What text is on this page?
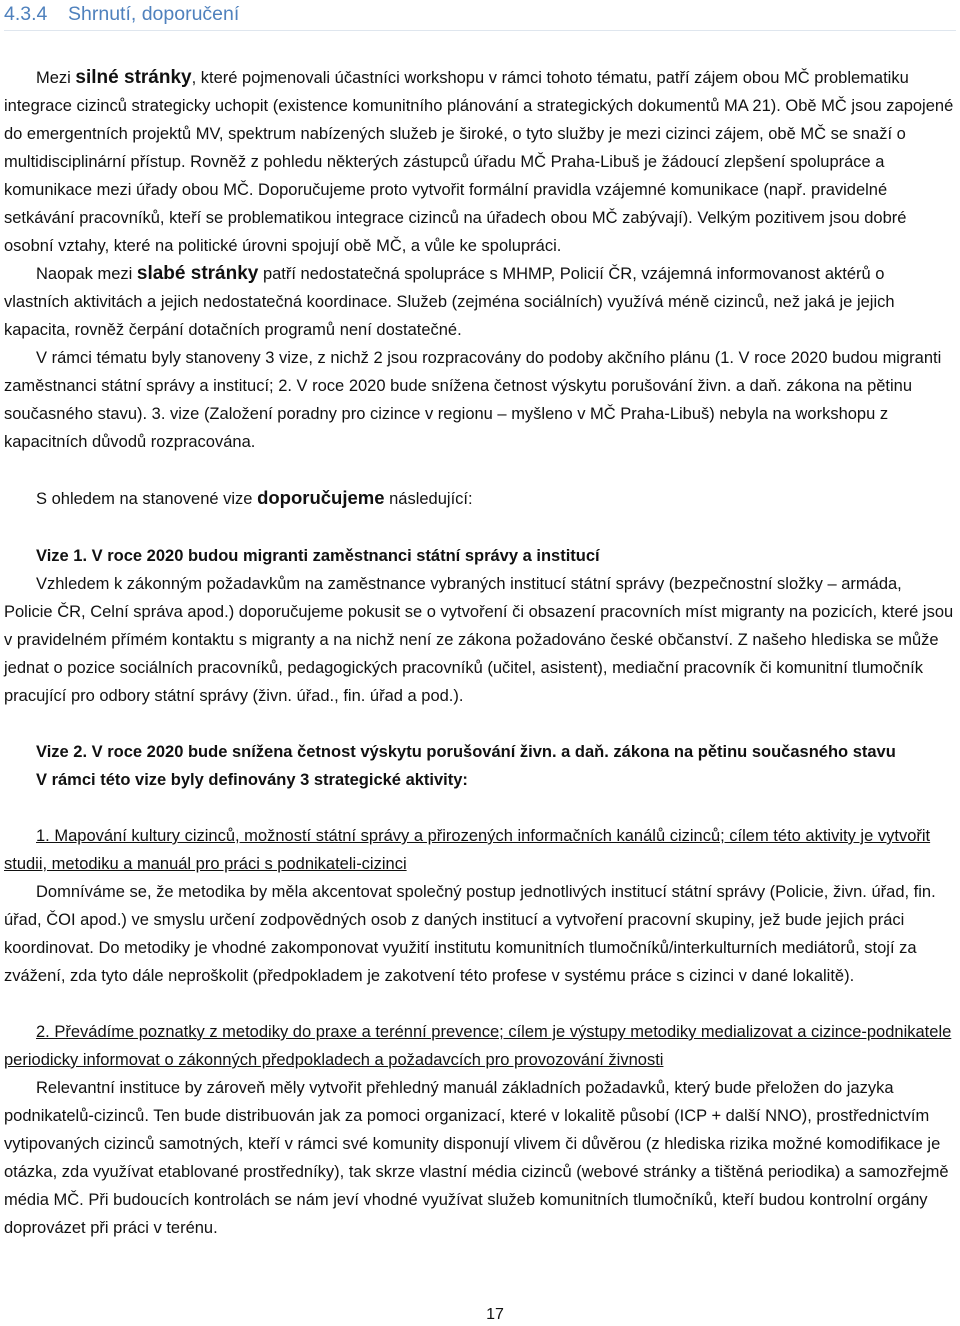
4.3.4 Shrnutí, doporučení

Mezi silné stránky, které pojmenovali účastníci workshopu v rámci tohoto tématu, patří zájem obou MČ problematiku integrace cizinců strategicky uchopit (existence komunitního plánování a strategických dokumentů MA 21). Obě MČ jsou zapojené do emergentních projektů MV, spektrum nabízených služeb je široké, o tyto služby je mezi cizinci zájem, obě MČ se snaží o multidisciplinární přístup. Rovněž z pohledu některých zástupců úřadu MČ Praha-Libuš je žádoucí zlepšení spolupráce a komunikace mezi úřady obou MČ. Doporučujeme proto vytvořit formální pravidla vzájemné komunikace (např. pravidelné setkávání pracovníků, kteří se problematikou integrace cizinců na úřadech obou MČ zabývají). Velkým pozitivem jsou dobré osobní vztahy, které na politické úrovni spojují obě MČ, a vůle ke spolupráci.

Naopak mezi slabé stránky patří nedostatečná spolupráce s MHMP, Policií ČR, vzájemná informovanost aktérů o vlastních aktivitách a jejich nedostatečná koordinace. Služeb (zejména sociálních) využívá méně cizinců, než jaká je jejich kapacita, rovněž čerpání dotačních programů není dostatečné.

V rámci tématu byly stanoveny 3 vize, z nichž 2 jsou rozpracovány do podoby akčního plánu (1. V roce 2020 budou migranti zaměstnanci státní správy a institucí; 2. V roce 2020 bude snížena četnost výskytu porušování živn. a daň. zákona na pětinu současného stavu). 3. vize (Založení poradny pro cizince v regionu – myšleno v MČ Praha-Libuš) nebyla na workshopu z kapacitních důvodů rozpracována.

S ohledem na stanovené vize doporučujeme následující:

Vize 1. V roce 2020 budou migranti zaměstnanci státní správy a institucí

Vzhledem k zákonným požadavkům na zaměstnance vybraných institucí státní správy (bezpečnostní složky – armáda, Policie ČR, Celní správa apod.) doporučujeme pokusit se o vytvoření či obsazení pracovních míst migranty na pozicích, které jsou v pravidelném přímém kontaktu s migranty a na nichž není ze zákona požadováno české občanství. Z našeho hlediska se může jednat o pozice sociálních pracovníků, pedagogických pracovníků (učitel, asistent), mediační pracovník či komunitní tlumočník pracující pro odbory státní správy (živn. úřad., fin. úřad a pod.).

Vize 2. V roce 2020 bude snížena četnost výskytu porušování živn. a daň. zákona na pětinu současného stavu

V rámci této vize byly definovány 3 strategické aktivity:

1. Mapování kultury cizinců, možností státní správy a přirozených informačních kanálů cizinců; cílem této aktivity je vytvořit studii, metodiku a manuál pro práci s podnikateli-cizinci

Domníváme se, že metodika by měla akcentovat společný postup jednotlivých institucí státní správy (Policie, živn. úřad, fin. úřad, ČOI apod.) ve smyslu určení zodpovědných osob z daných institucí a vytvoření pracovní skupiny, jež bude jejich práci koordinovat. Do metodiky je vhodné zakomponovat využití institutu komunitních tlumočníků/interkulturních mediátorů, stojí za zvážení, zda tyto dále neproškolit (předpokladem je zakotvení této profese v systému práce s cizinci v dané lokalitě).

2. Převádíme poznatky z metodiky do praxe a terénní prevence; cílem je výstupy metodiky medializovat a cizince-podnikatele periodicky informovat o zákonných předpokladech a požadavcích pro provozování živnosti

Relevantní instituce by zároveň měly vytvořit přehledný manuál základních požadavků, který bude přeložen do jazyka podnikatelů-cizinců. Ten bude distribuován jak za pomoci organizací, které v lokalitě působí (ICP + další NNO), prostřednictvím vytipovaných cizinců samotných, kteří v rámci své komunity disponují vlivem či důvěrou (z hlediska rizika možné komodifikace je otázka, zda využívat etablované prostředníky), tak skrze vlastní média cizinců (webové stránky a tištěná periodika) a samozřejmě média MČ. Při budoucích kontrolách se nám jeví vhodné využívat služeb komunitních tlumočníků, kteří budou kontrolní orgány doprovázet při práci v terénu.

17
